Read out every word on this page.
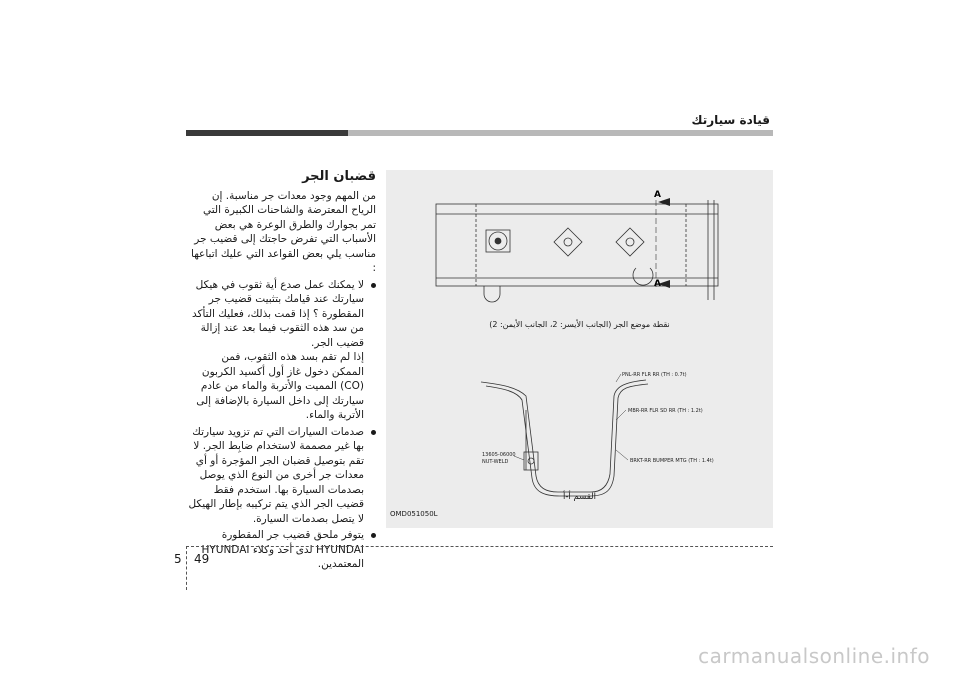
قيادة سيارتك
قضبان الجر
من المهم وجود معدات جر مناسبة. إن الرياح المعترضة والشاحنات الكبيرة التي تمر بجوارك والطرق الوعرة هي بعض الأسباب التي تفرض حاجتك إلى قضيب جر مناسب يلي بعض القواعد التي عليك اتباعها :
لا يمكنك عمل صدع أية ثقوب في هيكل سيارتك عند قيامك بتثبيت قضيب جر المقطورة ؟ إذا قمت بذلك، فعليك التأكد من سد هذه الثقوب فيما بعد عند إزالة قضيب الجر.
إذا لم تقم بسد هذه الثقوب، فمن الممكن دخول غاز أول أكسيد الكربون (CO) المميت والأتربة والماء من عادم سيارتك إلى داخل السيارة بالإضافة إلى الأتربة والماء.
صدمات السيارات التي تم تزويد سيارتك بها غير مصممة لاستخدام ضابِط الجر. لا تقم بتوصيل قضبان الجر المؤجرة أو أي معدات جر أخرى من النوع الذي يوصل بصدمات السيارة بها. استخدم فقط قضيب الجر الذي يتم تركيبه بإطار الهيكل لا يتصل بصدمات السيارة.
يتوفر ملحق قضيب جر المقطورة HYUNDAI لدى أحد وكلاء HYUNDAI المعتمدين.
A
A
PNL-RR FLR RR (TH : 0.7t)
MBR-RR FLR SD RR (TH : 1.2t)
BRKT-RR BUMPER MTG (TH : 1.4t)
13605-06000
NUT-WELD
نقطة موضع الجر (الجانب الأيسر: 2، الجانب الأيمن: 2)
القسم أ-أ
OMD051050L
5 49
carmanualsonline.info
